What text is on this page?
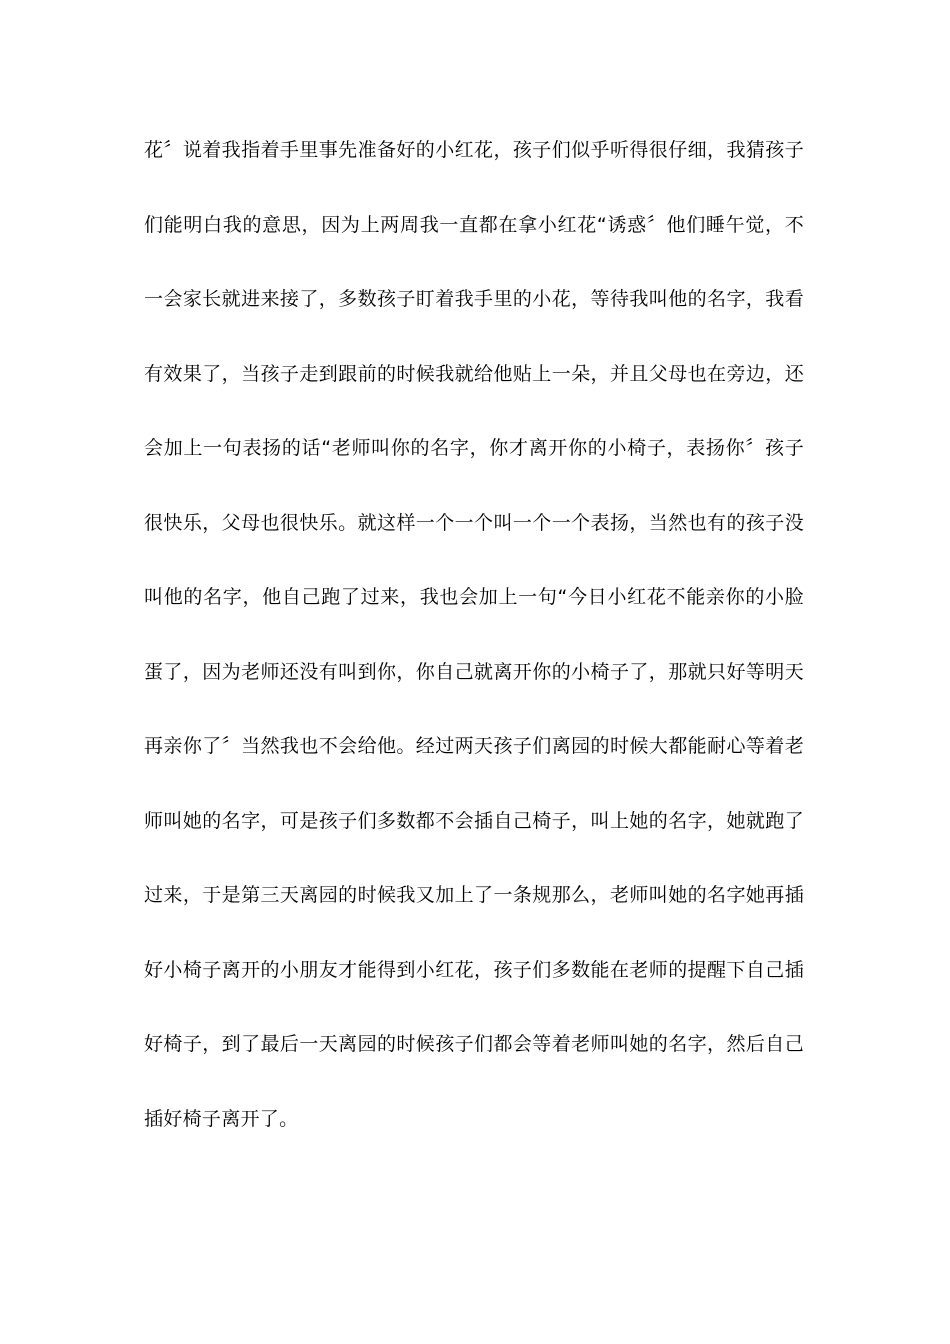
花〞说着我指着手里事先准备好的小红花，孩子们似乎听得很仔细，我猜孩子
们能明白我的意思，因为上两周我一直都在拿小红花“诱惑〞他们睡午觉，不
一会家长就进来接了，多数孩子盯着我手里的小花，等待我叫他的名字，我看
有效果了，当孩子走到跟前的时候我就给他贴上一朵，并且父母也在旁边，还
会加上一句表扬的话“老师叫你的名字，你才离开你的小椅子，表扬你〞孩子
很快乐，父母也很快乐。就这样一个一个叫一个一个表扬，当然也有的孩子没
叫他的名字，他自己跑了过来，我也会加上一句“今日小红花不能亲你的小脸
蛋了，因为老师还没有叫到你，你自己就离开你的小椅子了，那就只好等明天
再亲你了〞当然我也不会给他。经过两天孩子们离园的时候大都能耐心等着老
师叫她的名字，可是孩子们多数都不会插自己椅子，叫上她的名字，她就跑了
过来，于是第三天离园的时候我又加上了一条规那么，老师叫她的名字她再插
好小椅子离开的小朋友才能得到小红花，孩子们多数能在老师的提醒下自己插
好椅子，到了最后一天离园的时候孩子们都会等着老师叫她的名字，然后自己
插好椅子离开了。
